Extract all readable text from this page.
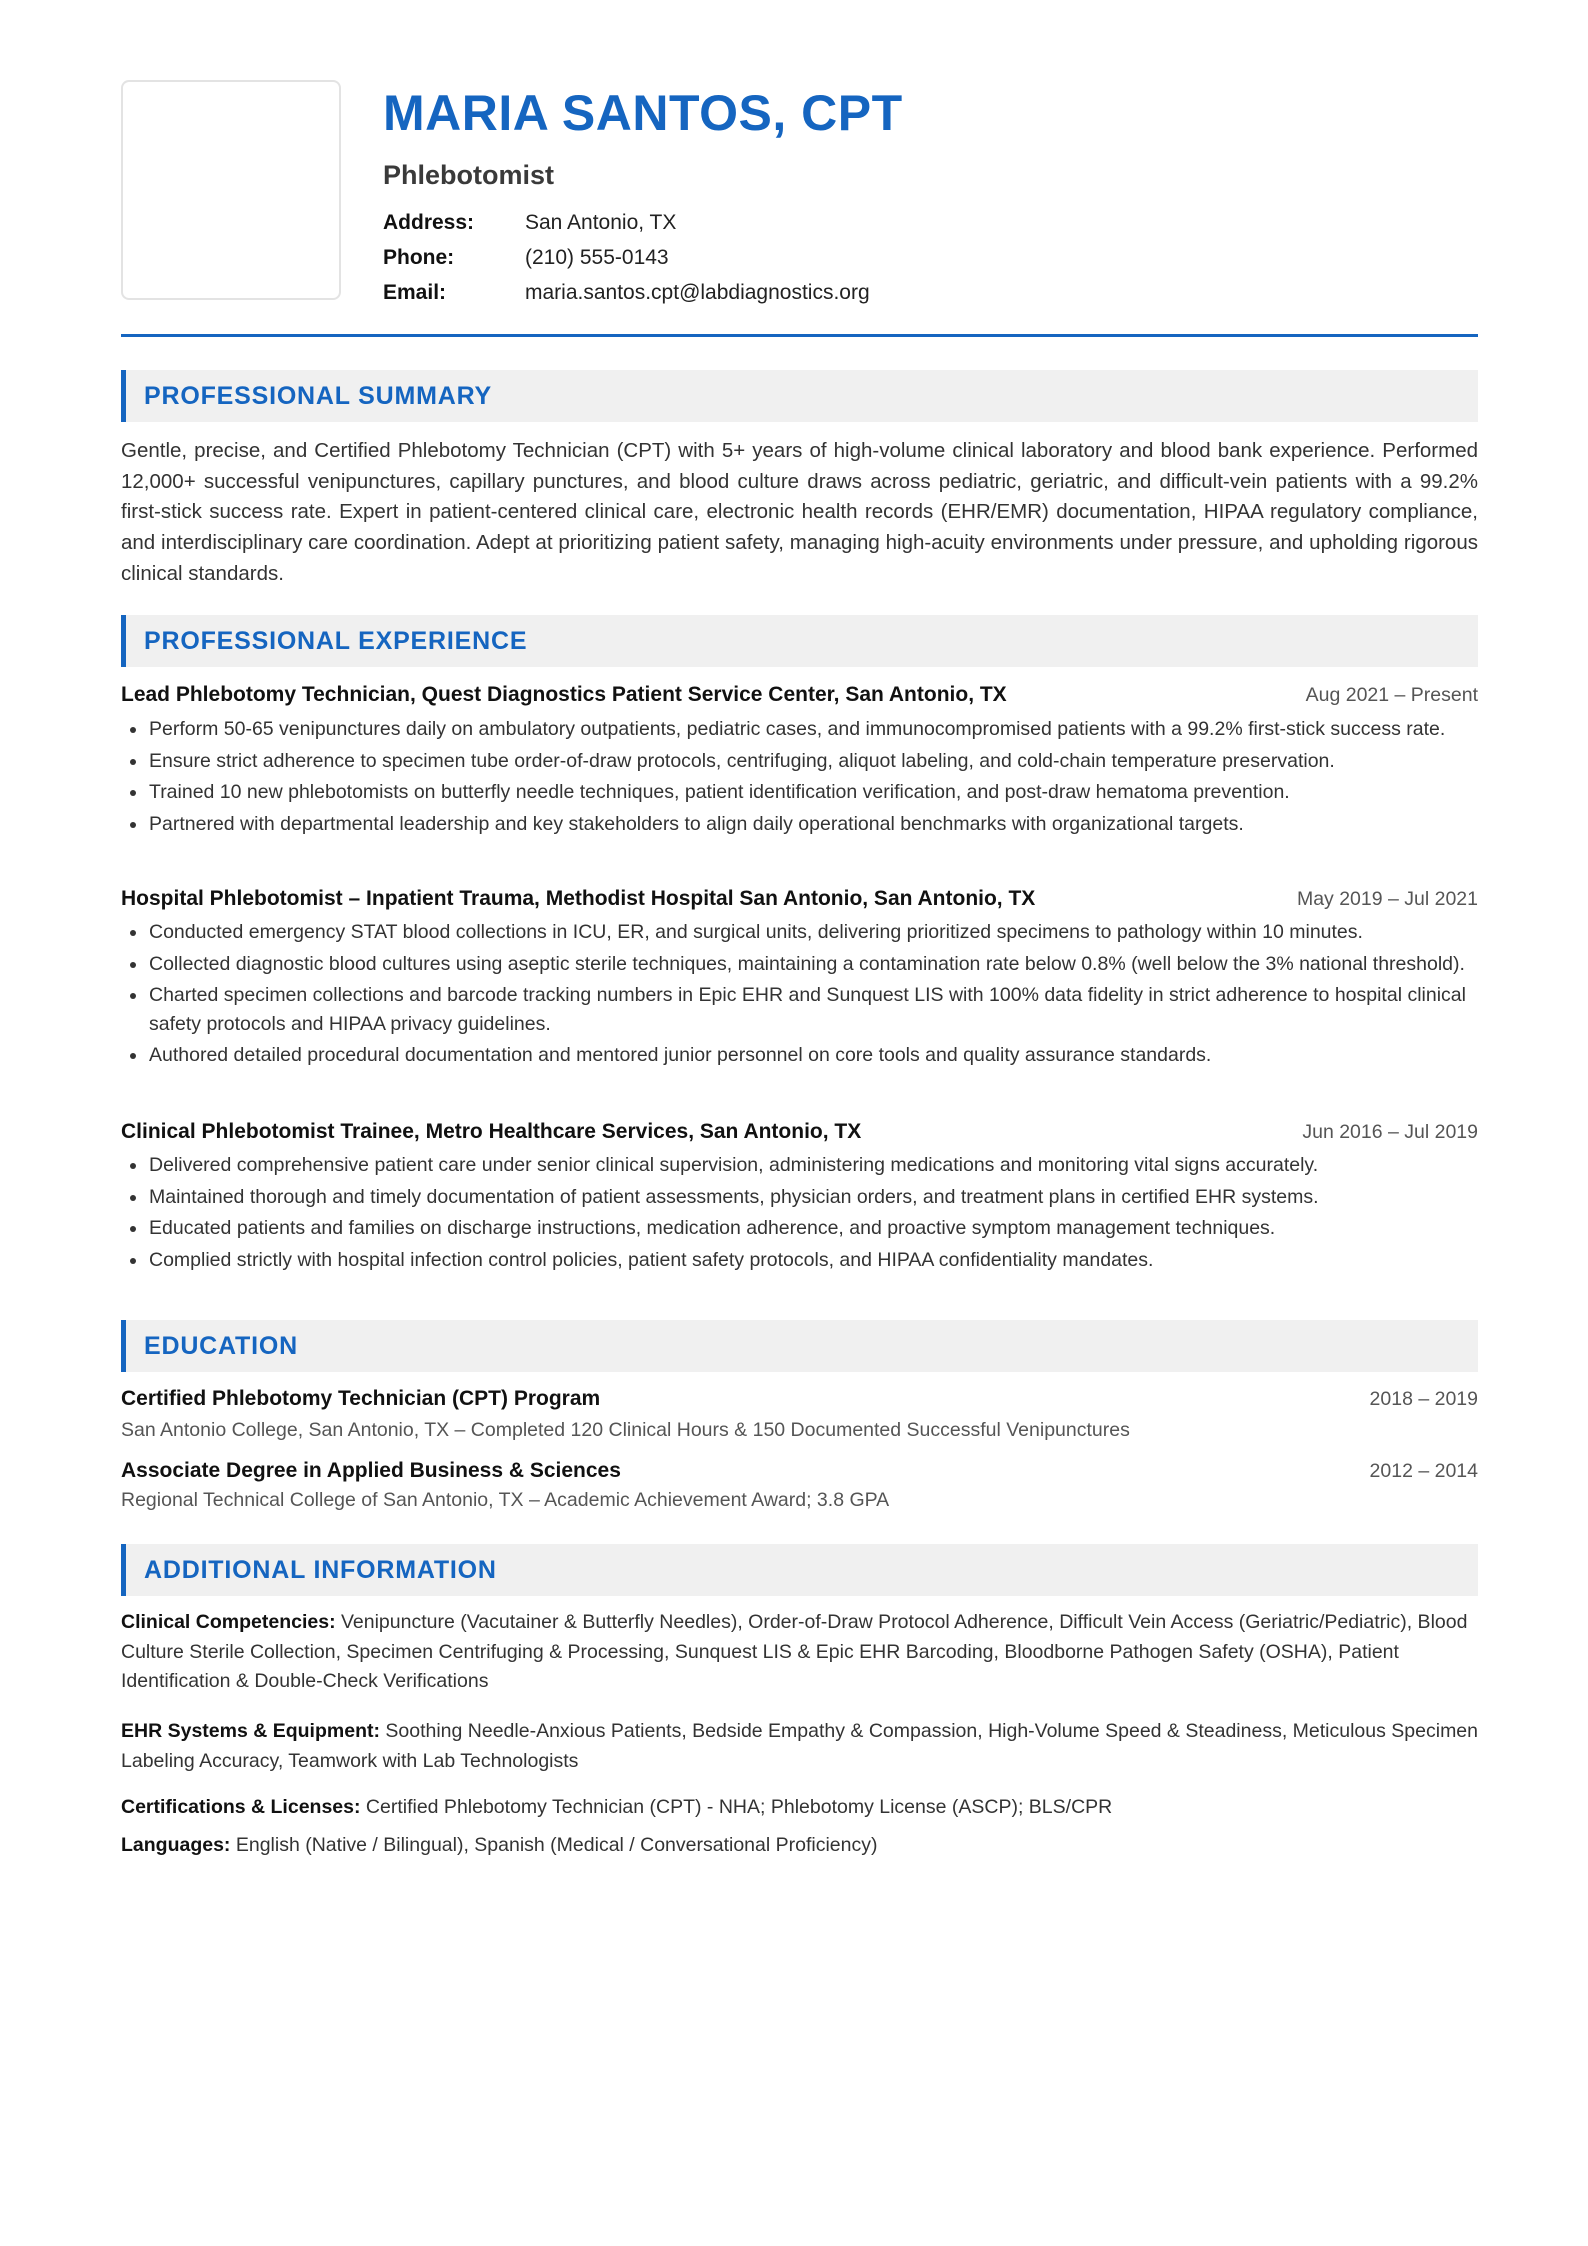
MARIA SANTOS, CPT
Phlebotomist
Address:	San Antonio, TX
Phone:	(210) 555-0143
Email:	maria.santos.cpt@labdiagnostics.org
PROFESSIONAL SUMMARY
Gentle, precise, and Certified Phlebotomy Technician (CPT) with 5+ years of high-volume clinical laboratory and blood bank experience. Performed 12,000+ successful venipunctures, capillary punctures, and blood culture draws across pediatric, geriatric, and difficult-vein patients with a 99.2% first-stick success rate. Expert in patient-centered clinical care, electronic health records (EHR/EMR) documentation, HIPAA regulatory compliance, and interdisciplinary care coordination. Adept at prioritizing patient safety, managing high-acuity environments under pressure, and upholding rigorous clinical standards.
PROFESSIONAL EXPERIENCE
Lead Phlebotomy Technician, Quest Diagnostics Patient Service Center, San Antonio, TX	Aug 2021 – Present
Perform 50-65 venipunctures daily on ambulatory outpatients, pediatric cases, and immunocompromised patients with a 99.2% first-stick success rate.
Ensure strict adherence to specimen tube order-of-draw protocols, centrifuging, aliquot labeling, and cold-chain temperature preservation.
Trained 10 new phlebotomists on butterfly needle techniques, patient identification verification, and post-draw hematoma prevention.
Partnered with departmental leadership and key stakeholders to align daily operational benchmarks with organizational targets.
Hospital Phlebotomist – Inpatient Trauma, Methodist Hospital San Antonio, San Antonio, TX	May 2019 – Jul 2021
Conducted emergency STAT blood collections in ICU, ER, and surgical units, delivering prioritized specimens to pathology within 10 minutes.
Collected diagnostic blood cultures using aseptic sterile techniques, maintaining a contamination rate below 0.8% (well below the 3% national threshold).
Charted specimen collections and barcode tracking numbers in Epic EHR and Sunquest LIS with 100% data fidelity in strict adherence to hospital clinical safety protocols and HIPAA privacy guidelines.
Authored detailed procedural documentation and mentored junior personnel on core tools and quality assurance standards.
Clinical Phlebotomist Trainee, Metro Healthcare Services, San Antonio, TX	Jun 2016 – Jul 2019
Delivered comprehensive patient care under senior clinical supervision, administering medications and monitoring vital signs accurately.
Maintained thorough and timely documentation of patient assessments, physician orders, and treatment plans in certified EHR systems.
Educated patients and families on discharge instructions, medication adherence, and proactive symptom management techniques.
Complied strictly with hospital infection control policies, patient safety protocols, and HIPAA confidentiality mandates.
EDUCATION
Certified Phlebotomy Technician (CPT) Program	2018 – 2019
San Antonio College, San Antonio, TX – Completed 120 Clinical Hours & 150 Documented Successful Venipunctures
Associate Degree in Applied Business & Sciences	2012 – 2014
Regional Technical College of San Antonio, TX – Academic Achievement Award; 3.8 GPA
ADDITIONAL INFORMATION
Clinical Competencies: Venipuncture (Vacutainer & Butterfly Needles), Order-of-Draw Protocol Adherence, Difficult Vein Access (Geriatric/Pediatric), Blood Culture Sterile Collection, Specimen Centrifuging & Processing, Sunquest LIS & Epic EHR Barcoding, Bloodborne Pathogen Safety (OSHA), Patient Identification & Double-Check Verifications
EHR Systems & Equipment: Soothing Needle-Anxious Patients, Bedside Empathy & Compassion, High-Volume Speed & Steadiness, Meticulous Specimen Labeling Accuracy, Teamwork with Lab Technologists
Certifications & Licenses: Certified Phlebotomy Technician (CPT) - NHA; Phlebotomy License (ASCP); BLS/CPR
Languages: English (Native / Bilingual), Spanish (Medical / Conversational Proficiency)
